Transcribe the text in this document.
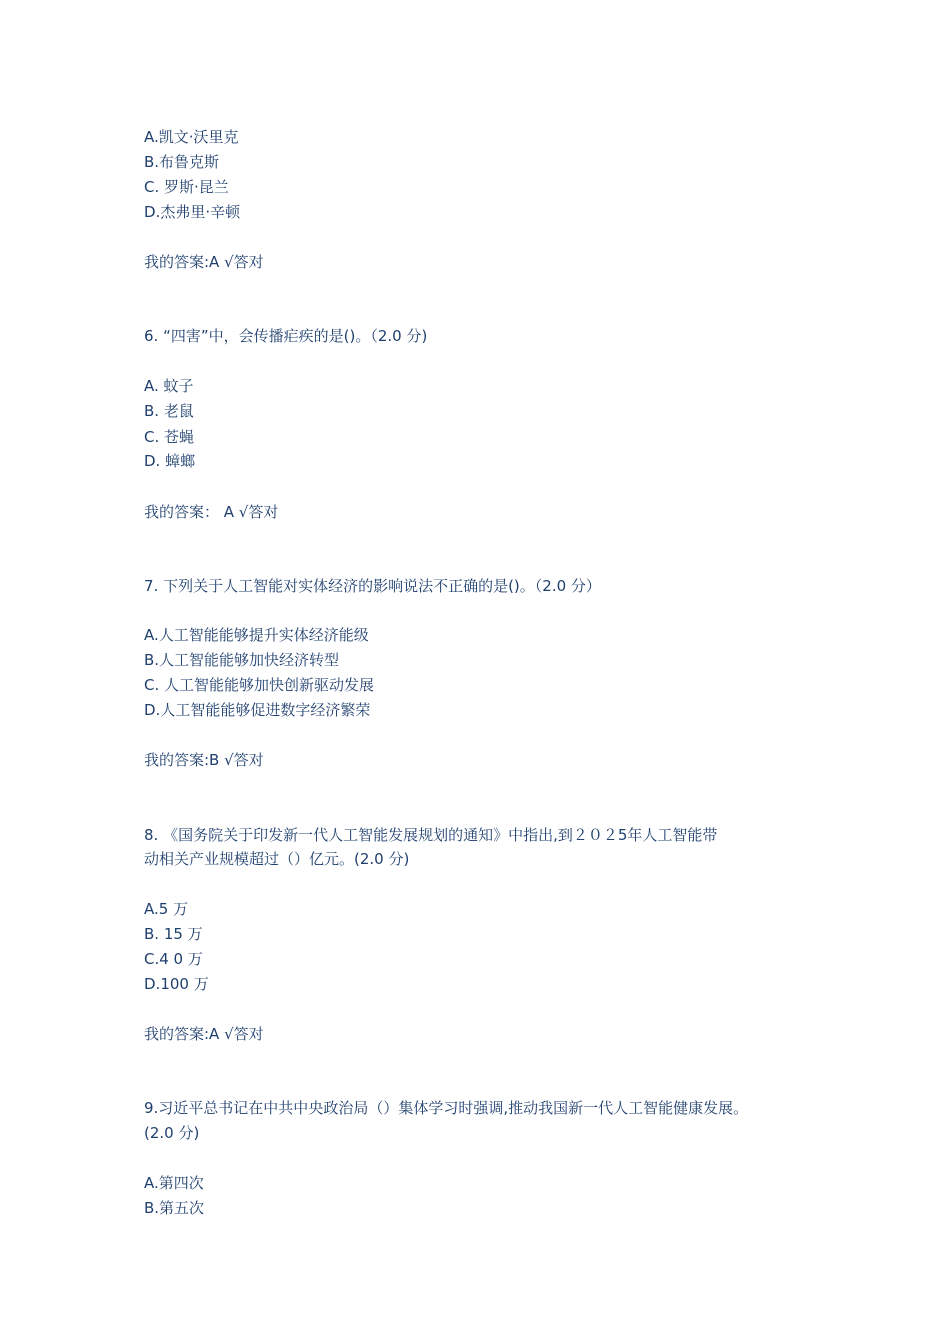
A.凯文·沃里克
B.布鲁克斯
C. 罗斯·昆兰
D.杰弗里·辛顿
我的答案:A √答对
6. “四害”中，会传播疟疾的是()。（2.0 分)
A. 蚊子
B. 老鼠
C. 苍蝇
D. 蟑螂
我的答案： A √答对
7. 下列关于人工智能对实体经济的影响说法不正确的是()。（2.0 分）
A.人工智能能够提升实体经济能级
B.人工智能能够加快经济转型
C. 人工智能能够加快创新驱动发展
D.人工智能能够促进数字经济繁荣
我的答案:B √答对
8. 《国务院关于印发新一代人工智能发展规划的通知》中指出,到２０２5年人工智能带
动相关产业规模超过（）亿元。(2.0 分)
A.5 万
B. 15 万
C.4 0 万
D.100 万
我的答案:A √答对
9.习近平总书记在中共中央政治局（）集体学习时强调,推动我国新一代人工智能健康发展。
(2.0 分)
A.第四次
B.第五次
